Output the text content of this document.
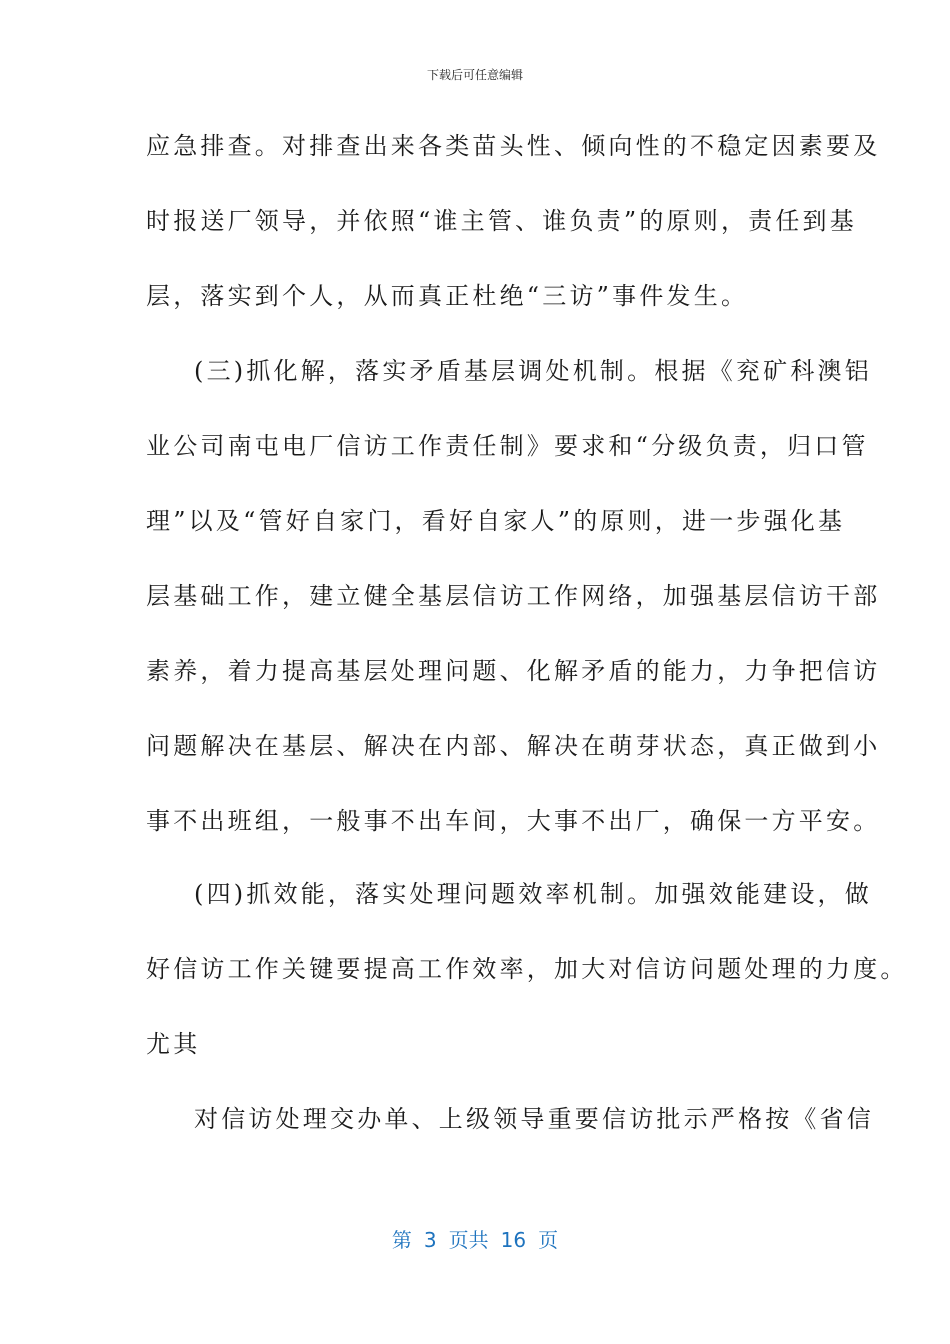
下载后可任意编辑
应急排查。对排查出来各类苗头性、倾向性的不稳定因素要及
时报送厂领导，并依照“谁主管、谁负责”的原则，责任到基
层，落实到个人，从而真正杜绝“三访”事件发生。
(三)抓化解，落实矛盾基层调处机制。根据《兖矿科澳铝
业公司南屯电厂信访工作责任制》要求和“分级负责，归口管
理”以及“管好自家门，看好自家人”的原则，进一步强化基
层基础工作，建立健全基层信访工作网络，加强基层信访干部
素养，着力提高基层处理问题、化解矛盾的能力，力争把信访
问题解决在基层、解决在内部、解决在萌芽状态，真正做到小
事不出班组，一般事不出车间，大事不出厂，确保一方平安。
(四)抓效能，落实处理问题效率机制。加强效能建设，做
好信访工作关键要提高工作效率，加大对信访问题处理的力度。
尤其
对信访处理交办单、上级领导重要信访批示严格按《省信
第 3 页共 16 页
